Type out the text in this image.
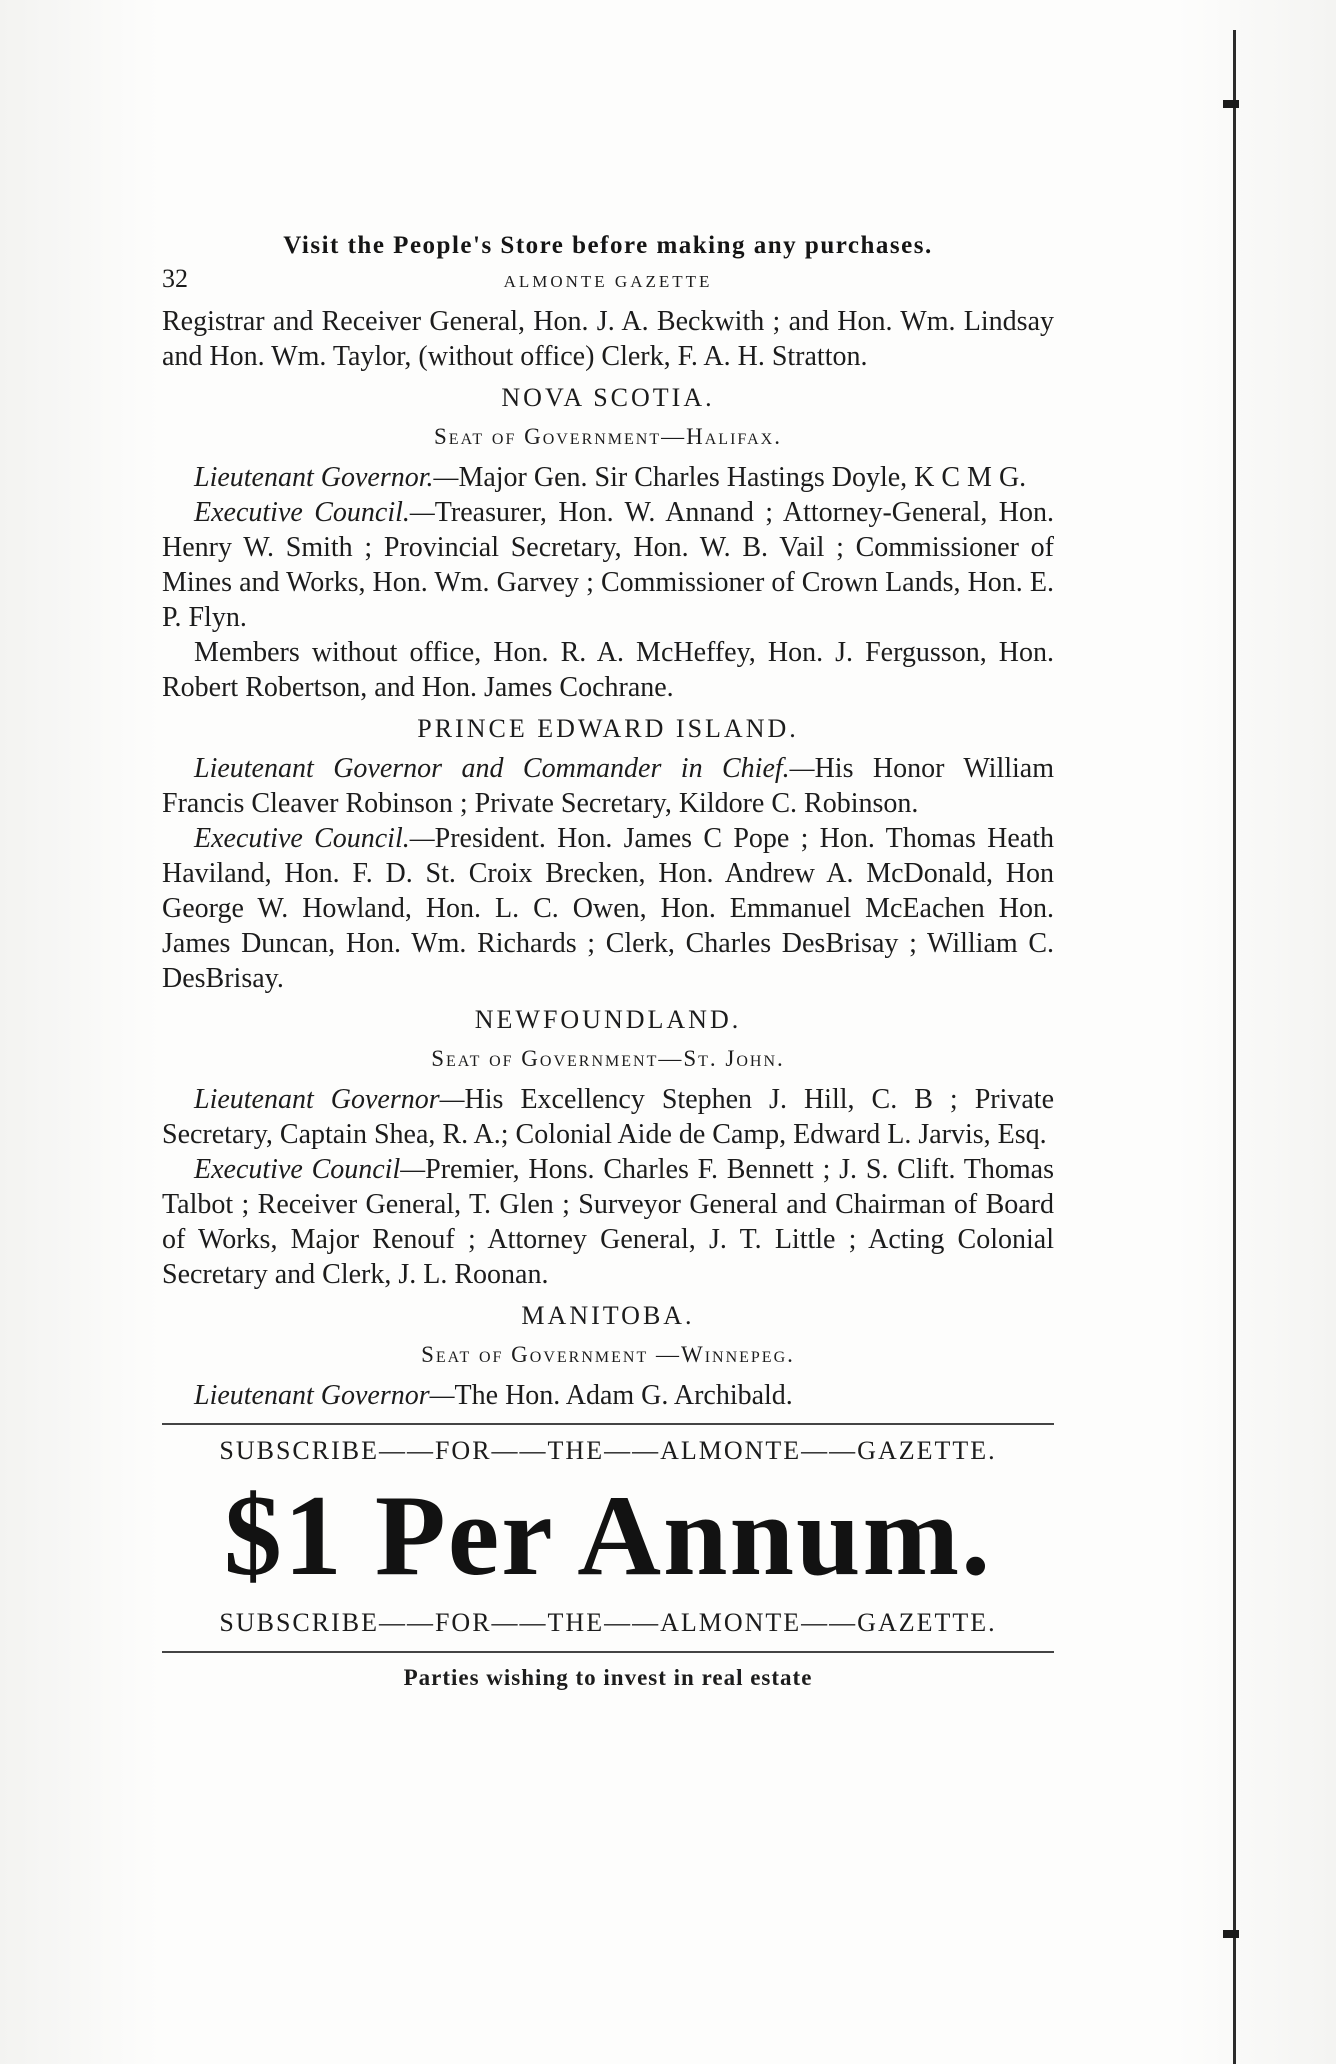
Visit the People's Store before making any purchases.
32	ALMONTE GAZETTE

Registrar and Receiver General, Hon. J. A. Beckwith ; and Hon. Wm. Lindsay and Hon. Wm. Taylor, (without office) Clerk, F. A. H. Stratton.

NOVA SCOTIA.
Seat of Government—Halifax.

Lieutenant Governor.—Major Gen. Sir Charles Hastings Doyle, K C M G.

Executive Council.—Treasurer, Hon. W. Annand ; Attorney-General, Hon. Henry W. Smith ; Provincial Secretary, Hon. W. B. Vail ; Commissioner of Mines and Works, Hon. Wm. Garvey ; Commissioner of Crown Lands, Hon. E. P. Flyn.

Members without office, Hon. R. A. McHeffey, Hon. J. Fergusson, Hon. Robert Robertson, and Hon. James Cochrane.

PRINCE EDWARD ISLAND.

Lieutenant Governor and Commander in Chief.—His Honor William Francis Cleaver Robinson ; Private Secretary, Kildore C. Robinson.

Executive Council.—President. Hon. James C Pope ; Hon. Thomas Heath Haviland, Hon. F. D. St. Croix Brecken, Hon. Andrew A. McDonald, Hon George W. Howland, Hon. L. C. Owen, Hon. Emmanuel McEachen Hon. James Duncan, Hon. Wm. Richards ; Clerk, Charles DesBrisay ; William C. DesBrisay.

NEWFOUNDLAND.
Seat of Government—St. John.

Lieutenant Governor—His Excellency Stephen J. Hill, C. B ; Private Secretary, Captain Shea, R. A.; Colonial Aide de Camp, Edward L. Jarvis, Esq.

Executive Council—Premier, Hons. Charles F. Bennett ; J. S. Clift. Thomas Talbot ; Receiver General, T. Glen ; Surveyor General and Chairman of Board of Works, Major Renouf ; Attorney General, J. T. Little ; Acting Colonial Secretary and Clerk, J. L. Roonan.

MANITOBA.
Seat of Government —Winnepeg.

Lieutenant Governor—The Hon. Adam G. Archibald.

SUBSCRIBE——FOR——THE——ALMONTE——GAZETTE.
$1 Per Annum.
SUBSCRIBE——FOR——THE——ALMONTE——GAZETTE.
Parties wishing to invest in real estate
